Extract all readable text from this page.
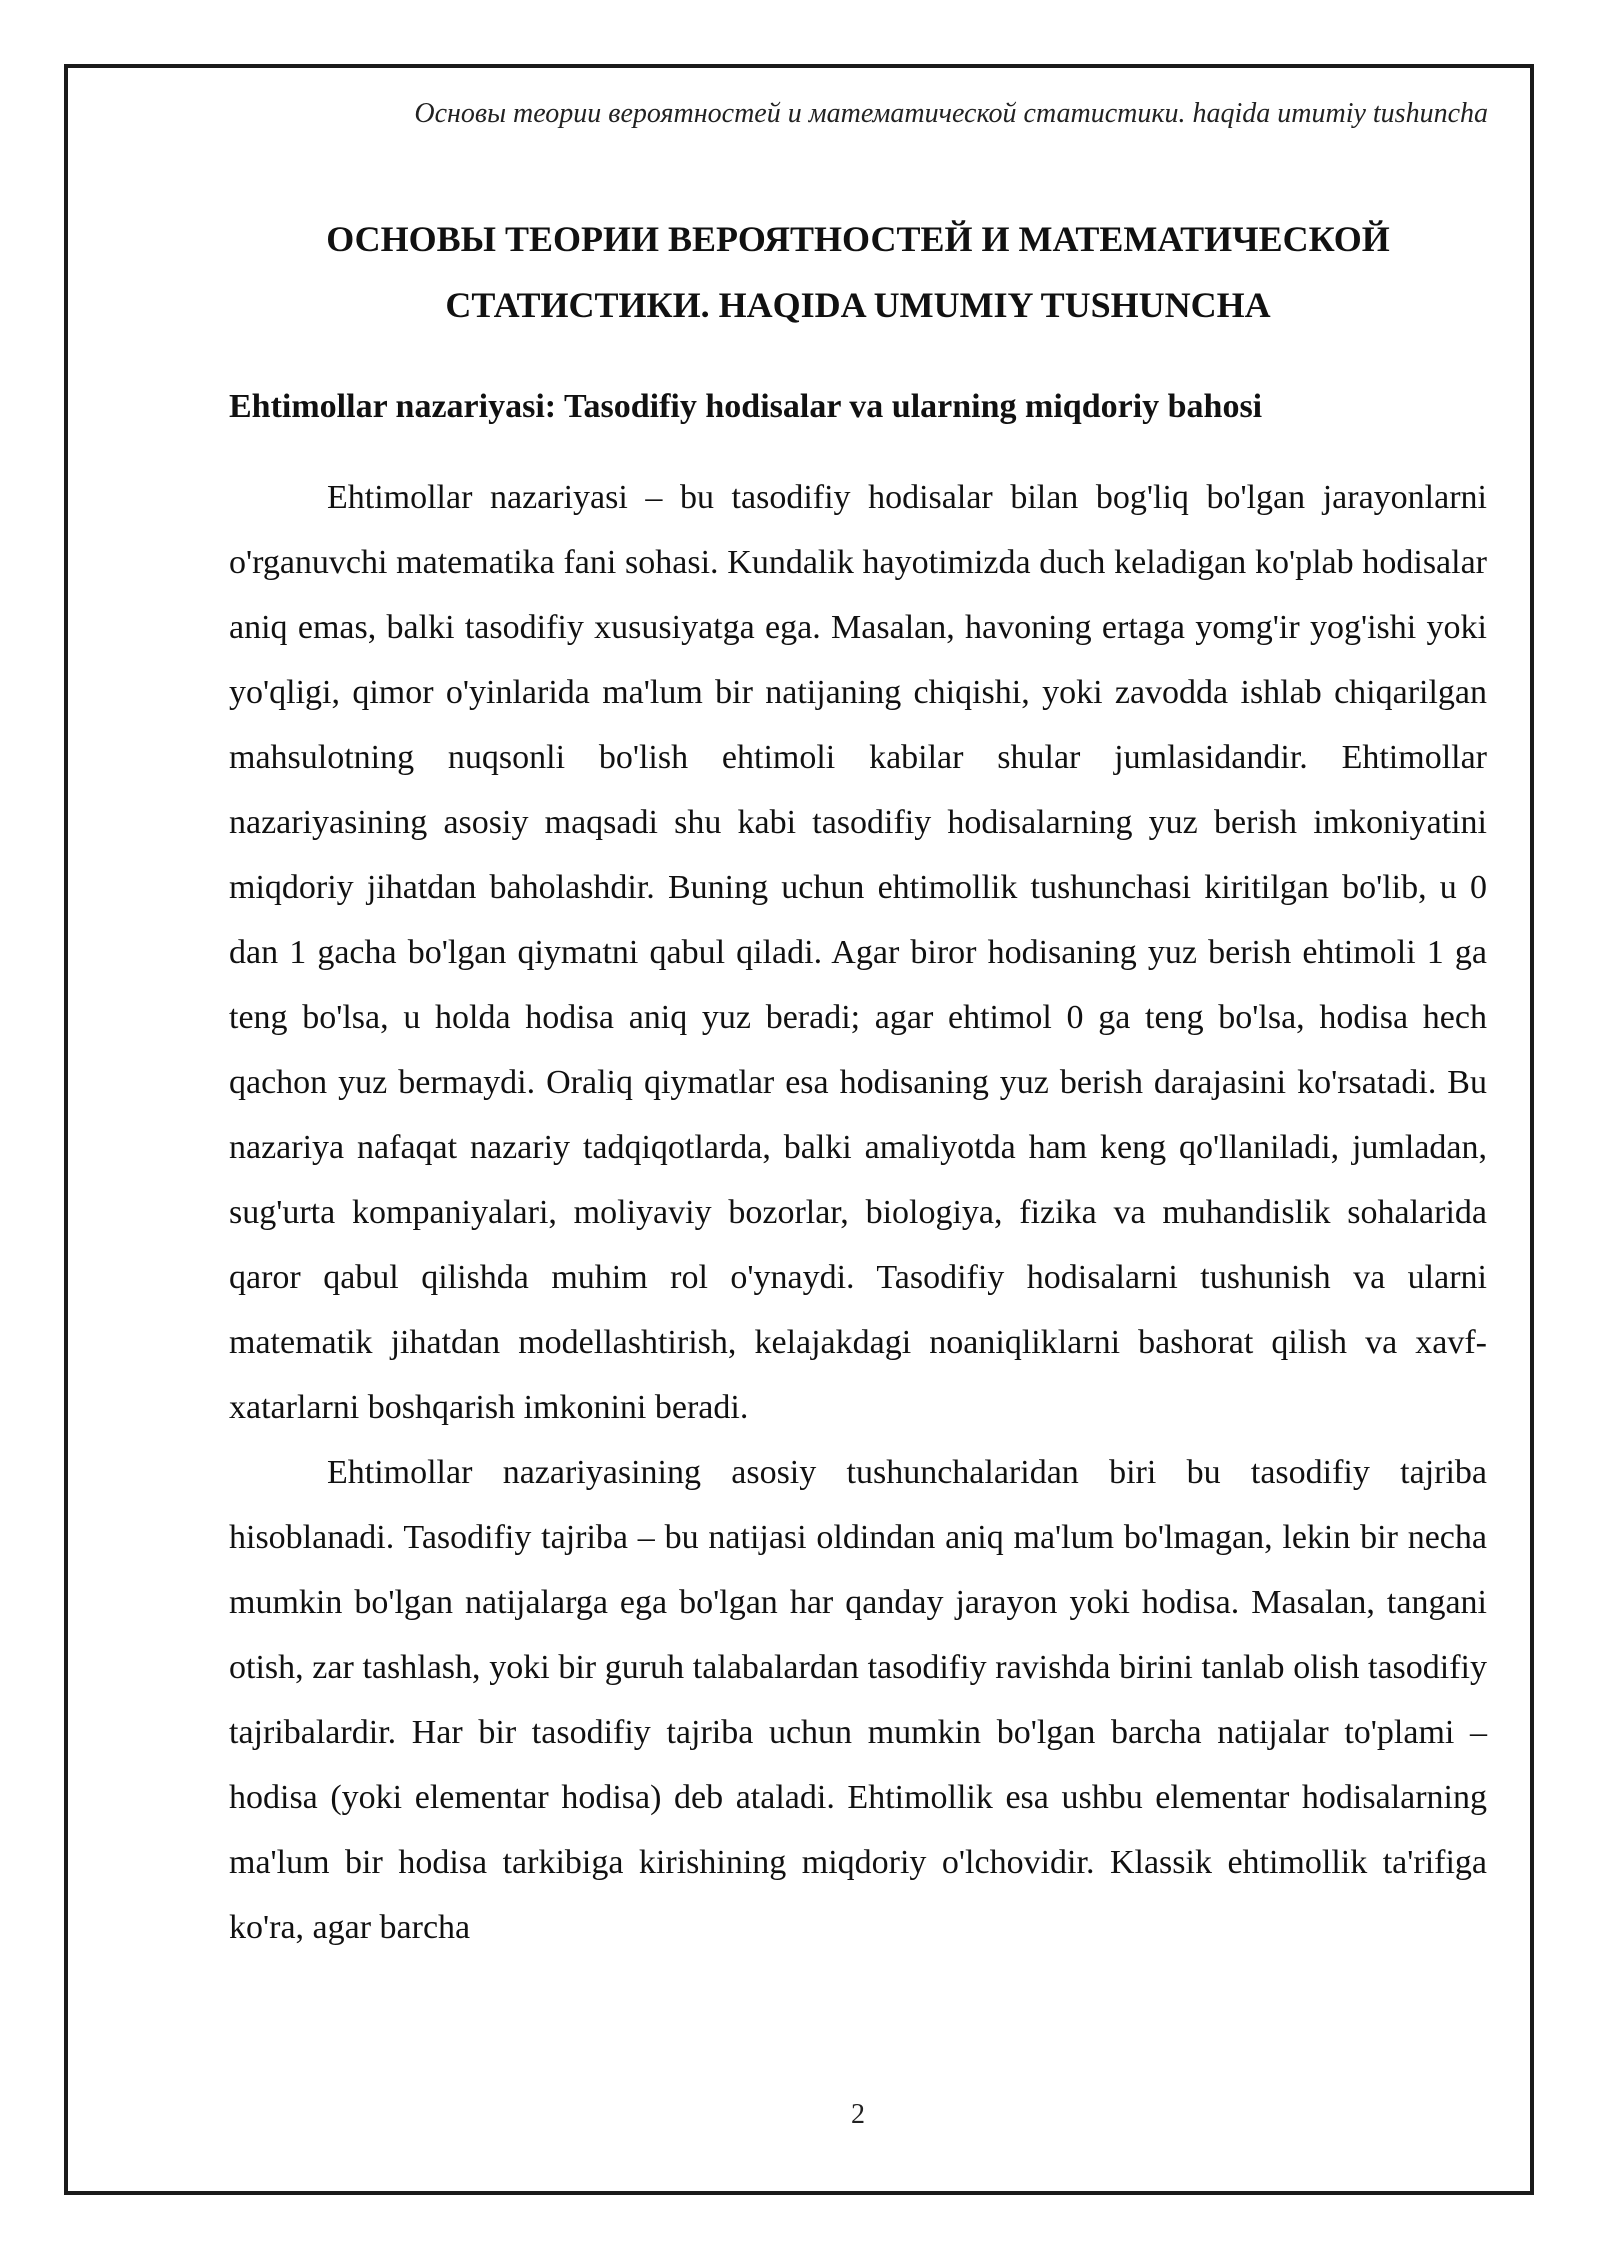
Основы теории вероятностей и математической статистики. haqida umumiy tushuncha
ОСНОВЫ ТЕОРИИ ВЕРОЯТНОСТЕЙ И МАТЕМАТИЧЕСКОЙ
СТАТИСТИКИ. HAQIDA UMUMIY TUSHUNCHA
Ehtimollar nazariyasi: Tasodifiy hodisalar va ularning miqdoriy bahosi

Ehtimollar nazariyasi – bu tasodifiy hodisalar bilan bog'liq bo'lgan jarayonlarni o'rganuvchi matematika fani sohasi. Kundalik hayotimizda duch keladigan ko'plab hodisalar aniq emas, balki tasodifiy xususiyatga ega. Masalan, havoning ertaga yomg'ir yog'ishi yoki yo'qligi, qimor o'yinlarida ma'lum bir natijaning chiqishi, yoki zavodda ishlab chiqarilgan mahsulotning nuqsonli bo'lish ehtimoli kabilar shular jumlasidandir. Ehtimollar nazariyasining asosiy maqsadi shu kabi tasodifiy hodisalarning yuz berish imkoniyatini miqdoriy jihatdan baholashdir. Buning uchun ehtimollik tushunchasi kiritilgan bo'lib, u 0 dan 1 gacha bo'lgan qiymatni qabul qiladi. Agar biror hodisaning yuz berish ehtimoli 1 ga teng bo'lsa, u holda hodisa aniq yuz beradi; agar ehtimol 0 ga teng bo'lsa, hodisa hech qachon yuz bermaydi. Oraliq qiymatlar esa hodisaning yuz berish darajasini ko'rsatadi. Bu nazariya nafaqat nazariy tadqiqotlarda, balki amaliyotda ham keng qo'llaniladi, jumladan, sug'urta kompaniyalari, moliyaviy bozorlar, biologiya, fizika va muhandislik sohalarida qaror qabul qilishda muhim rol o'ynaydi. Tasodifiy hodisalarni tushunish va ularni matematik jihatdan modellashtirish, kelajakdagi noaniqliklarni bashorat qilish va xavf-xatarlarni boshqarish imkonini beradi.

Ehtimollar nazariyasining asosiy tushunchalaridan biri bu tasodifiy tajriba hisoblanadi. Tasodifiy tajriba – bu natijasi oldindan aniq ma'lum bo'lmagan, lekin bir necha mumkin bo'lgan natijalarga ega bo'lgan har qanday jarayon yoki hodisa. Masalan, tangani otish, zar tashlash, yoki bir guruh talabalardan tasodifiy ravishda birini tanlab olish tasodifiy tajribalardir. Har bir tasodifiy tajriba uchun mumkin bo'lgan barcha natijalar to'plami – hodisa (yoki elementar hodisa) deb ataladi. Ehtimollik esa ushbu elementar hodisalarning ma'lum bir hodisa tarkibiga kirishining miqdoriy o'lchovidir. Klassik ehtimollik ta'rifiga ko'ra, agar barcha

2
